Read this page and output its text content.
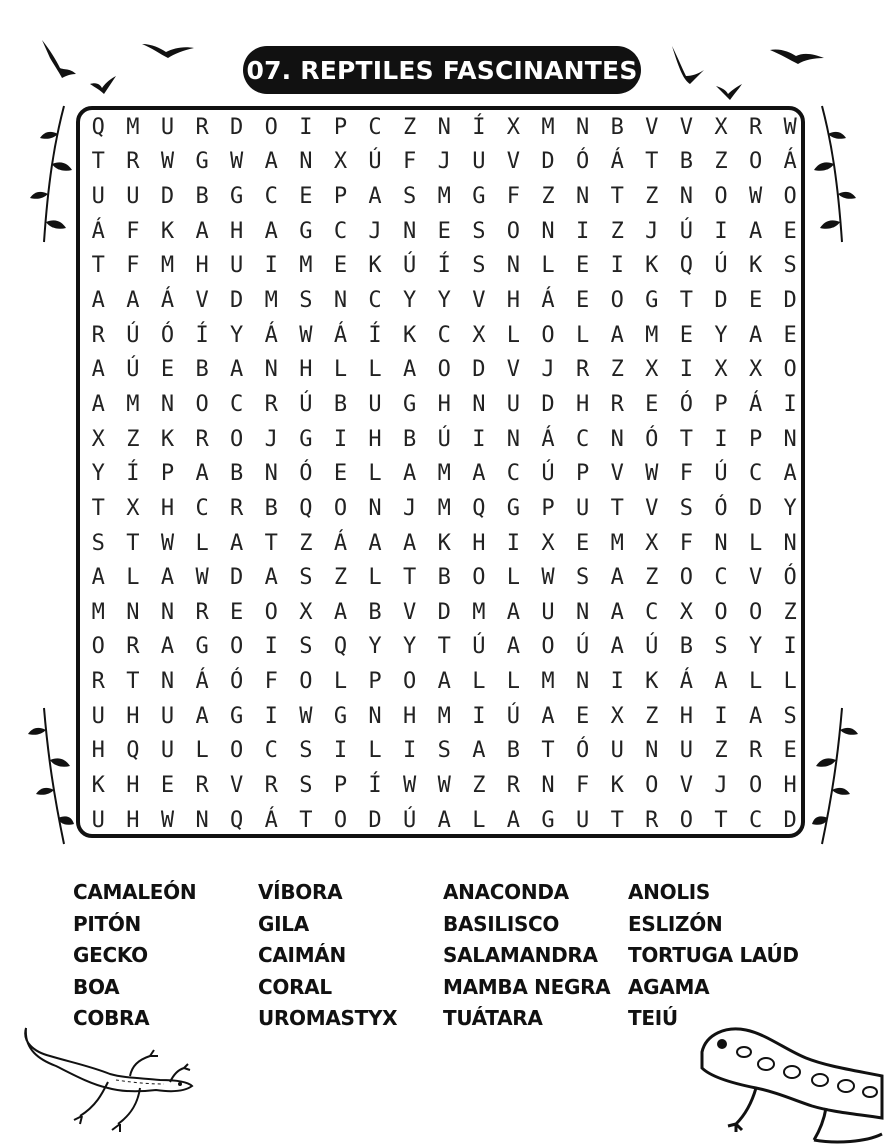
07. REPTILES FASCINANTES
Q M U R D O I P C Z N Í X M N B V V X R W
T R W G W A N X Ú F J U V D Ó Á T B Z O Á
U U D B G C E P A S M G F Z N T Z N O W O
Á F K A H A G C J N E S O N I Z J Ú I A E
T F M H U I M E K Ú Í S N L E I K Q Ú K S
A A Á V D M S N C Y Y V H Á E O G T D E D
R Ú Ó Í Y Á W Á Í K C X L O L A M E Y A E
A Ú E B A N H L L A O D V J R Z X I X X O
A M N O C R Ú B U G H N U D H R E Ó P Á I
X Z K R O J G I H B Ú I N Á C N Ó T I P N
Y Í P A B N Ó E L A M A C Ú P V W F Ú C A
T X H C R B Q O N J M Q G P U T V S Ó D Y
S T W L A T Z Á A A K H I X E M X F N L N
A L A W D A S Z L T B O L W S A Z O C V Ó
M N N R E O X A B V D M A U N A C X O O Z
O R A G O I S Q Y Y T Ú A O Ú A Ú B S Y I
R T N Á Ó F O L P O A L L M N I K Á A L L
U H U A G I W G N H M I Ú A E X Z H I A S
H Q U L O C S I L I S A B T Ó U N U Z R E
K H E R V R S P Í W W Z R N F K O V J O H
U H W N Q Á T O D Ú A L A G U T R O T C D
CAMALEÓN
PITÓN
GECKO
BOA
COBRA
VÍBORA
GILA
CAIMÁN
CORAL
UROMASTYX
ANACONDA
BASILISCO
SALAMANDRA
MAMBA NEGRA
TUÁTARA
ANOLIS
ESLIZÓN
TORTUGA LAÚD
AGAMA
TEIÚ
